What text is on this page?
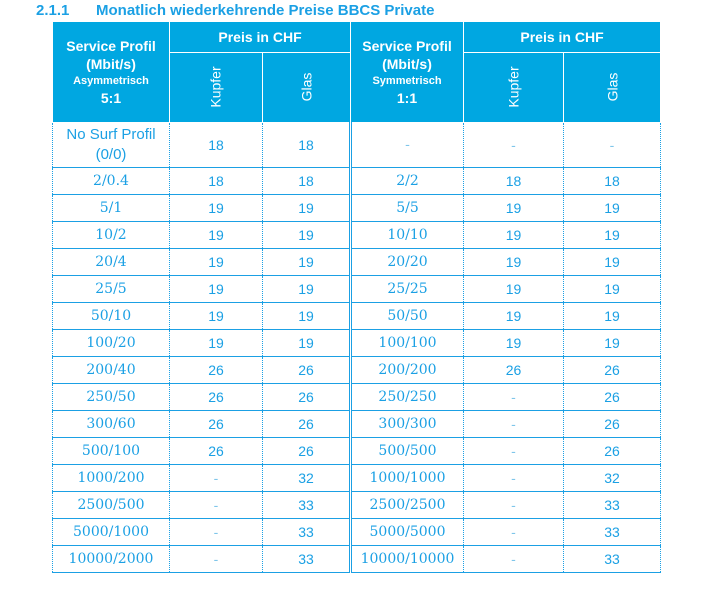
2.1.1 Monatlich wiederkehrende Preise BBCS Private
Service Profil
(Mbit/s)
Asymmetrisch
5:1	Preis in CHF		Service Profil
(Mbit/s)
Symmetrisch
1:1	Preis in CHF	
	Kupfer	Glas		Kupfer	Glas
No Surf Profil (0/0)	18	18	-	-	-
2/0.4	18	18	2/2	18	18
5/1	19	19	5/5	19	19
10/2	19	19	10/10	19	19
20/4	19	19	20/20	19	19
25/5	19	19	25/25	19	19
50/10	19	19	50/50	19	19
100/20	19	19	100/100	19	19
200/40	26	26	200/200	26	26
250/50	26	26	250/250	-	26
300/60	26	26	300/300	-	26
500/100	26	26	500/500	-	26
1000/200	-	32	1000/1000	-	32
2500/500	-	33	2500/2500	-	33
5000/1000	-	33	5000/5000	-	33
10000/2000	-	33	10000/10000	-	33
